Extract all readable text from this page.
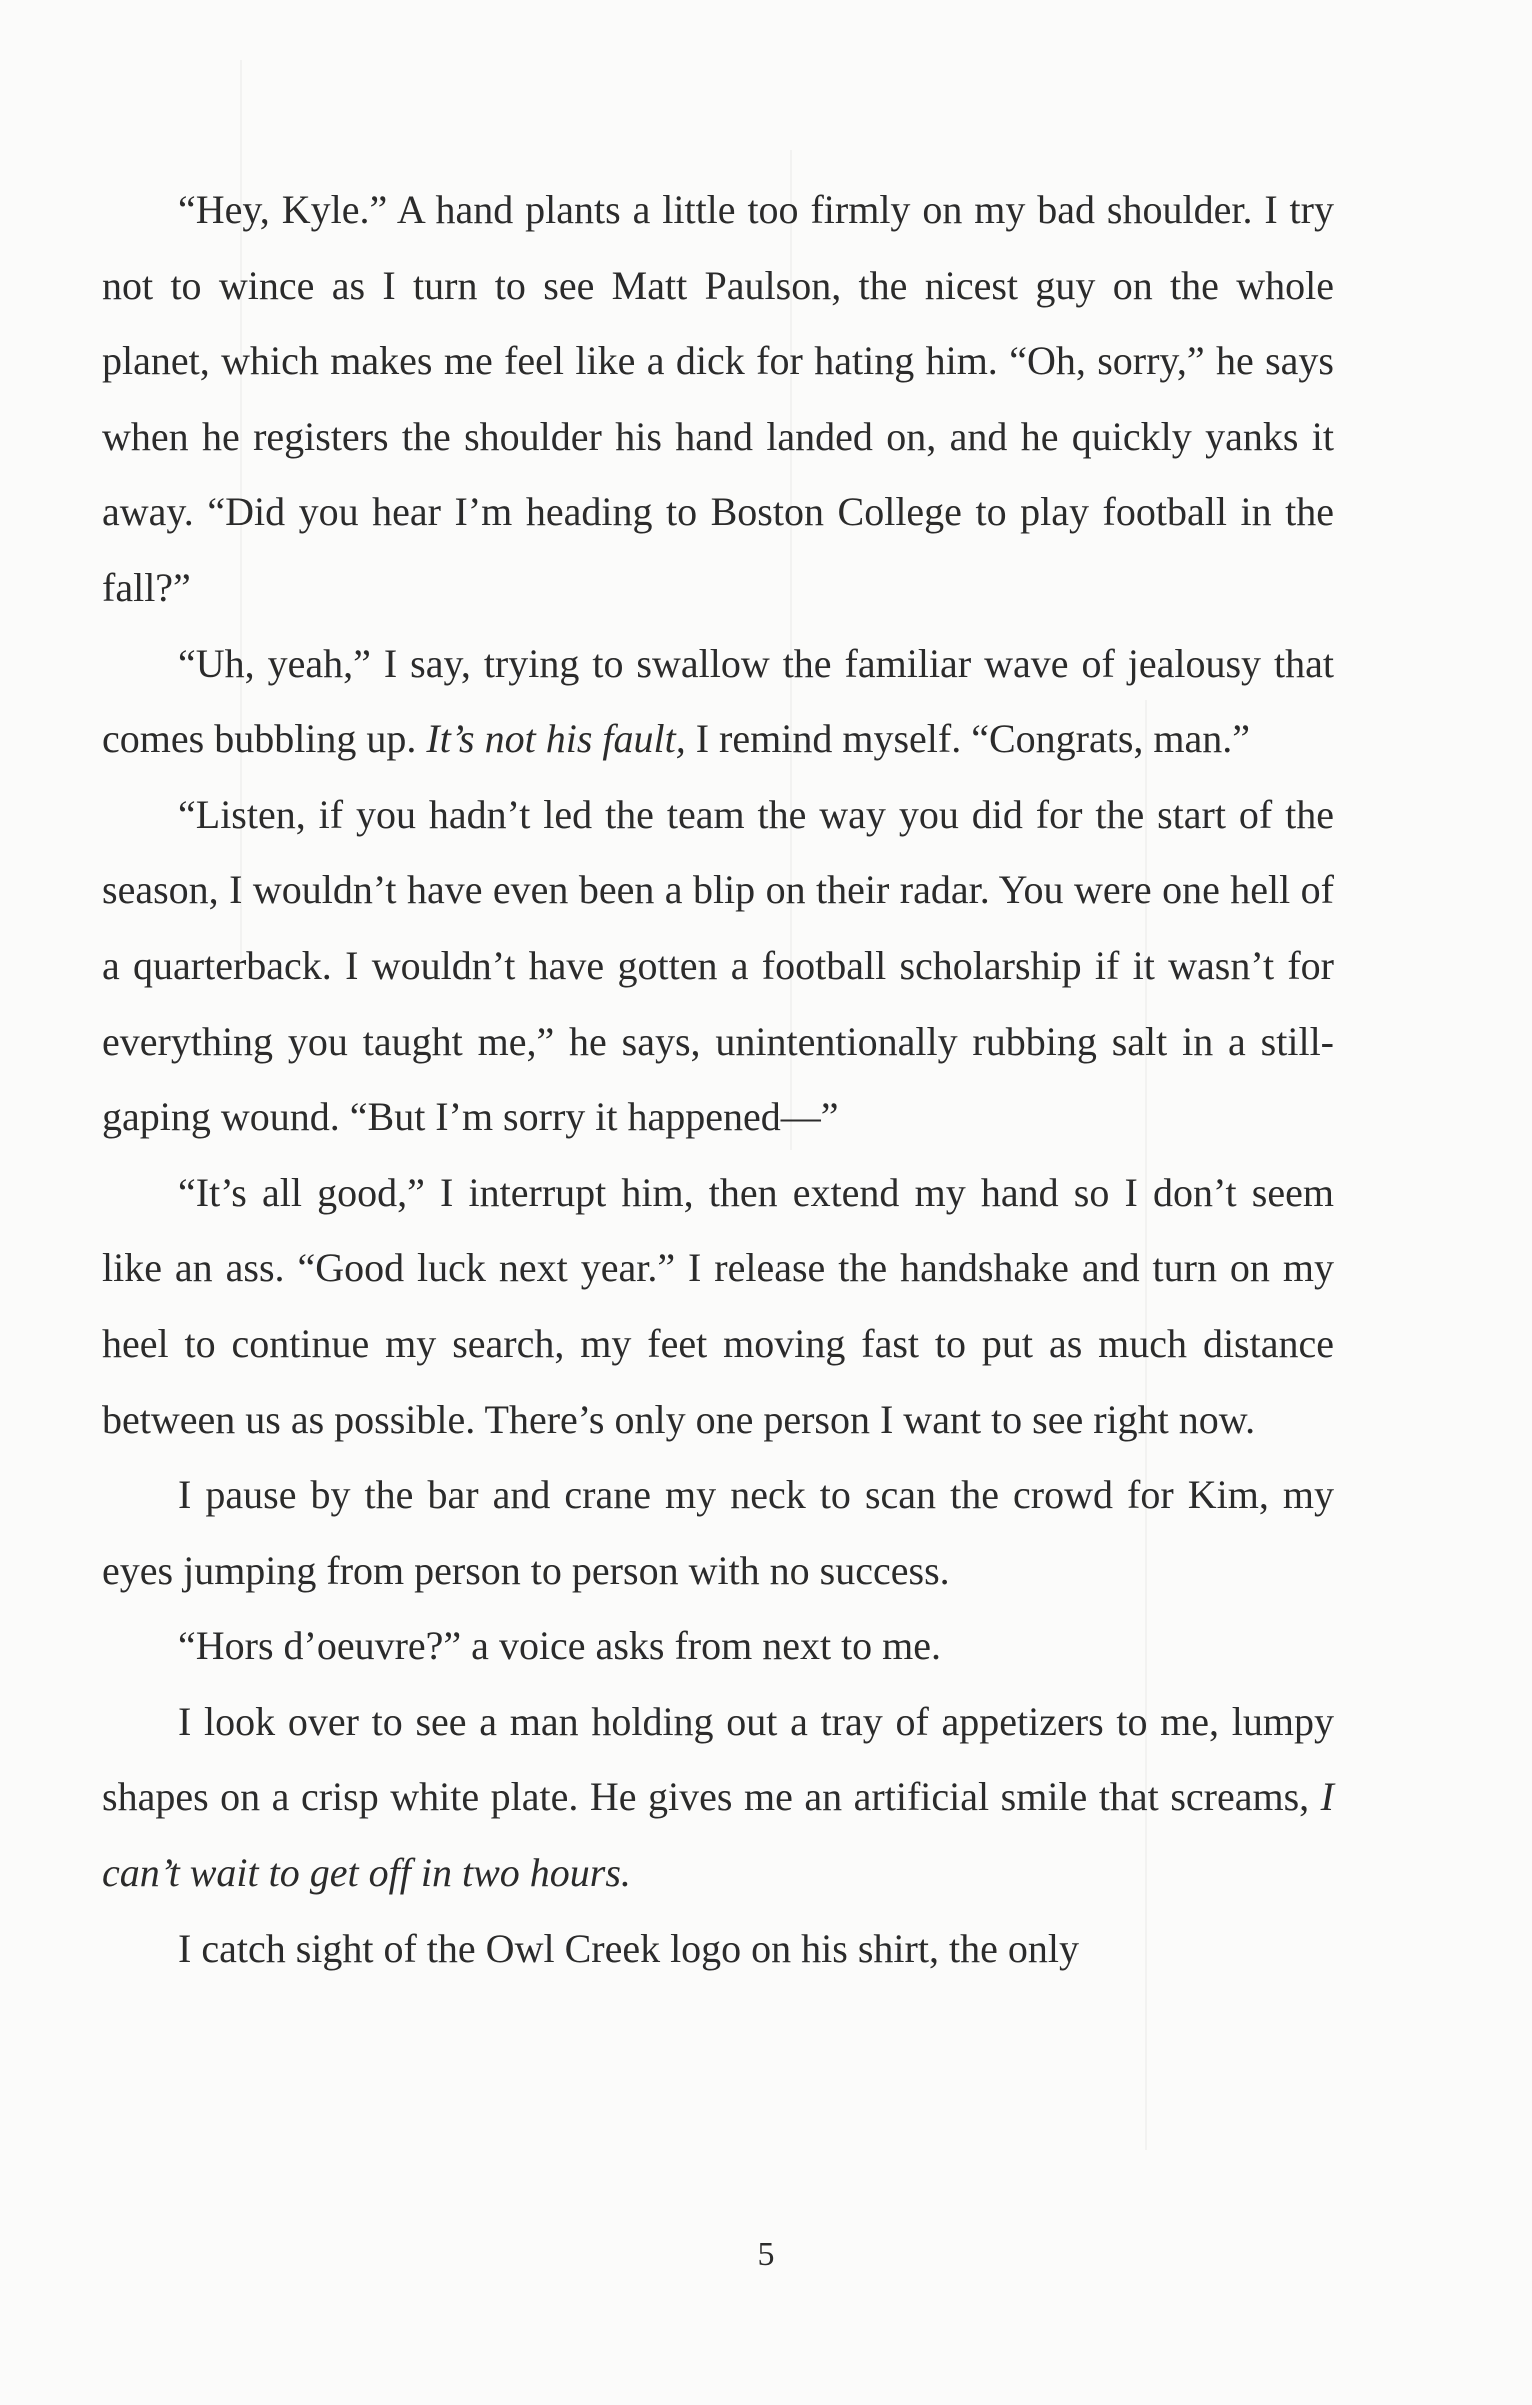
“Hey, Kyle.” A hand plants a little too firmly on my bad shoulder. I try not to wince as I turn to see Matt Paulson, the nicest guy on the whole planet, which makes me feel like a dick for hating him. “Oh, sorry,” he says when he registers the shoulder his hand landed on, and he quickly yanks it away. “Did you hear I’m heading to Boston College to play football in the fall?”

“Uh, yeah,” I say, trying to swallow the familiar wave of jealousy that comes bubbling up. It’s not his fault, I remind myself. “Congrats, man.”

“Listen, if you hadn’t led the team the way you did for the start of the season, I wouldn’t have even been a blip on their radar. You were one hell of a quarterback. I wouldn’t have gotten a football scholarship if it wasn’t for everything you taught me,” he says, unintentionally rubbing salt in a still-gaping wound. “But I’m sorry it happened—”

“It’s all good,” I interrupt him, then extend my hand so I don’t seem like an ass. “Good luck next year.” I release the handshake and turn on my heel to continue my search, my feet moving fast to put as much distance between us as possible. There’s only one person I want to see right now.

I pause by the bar and crane my neck to scan the crowd for Kim, my eyes jumping from person to person with no success.

“Hors d’oeuvre?” a voice asks from next to me.

I look over to see a man holding out a tray of appetizers to me, lumpy shapes on a crisp white plate. He gives me an artificial smile that screams, I can’t wait to get off in two hours.

I catch sight of the Owl Creek logo on his shirt, the only

5
